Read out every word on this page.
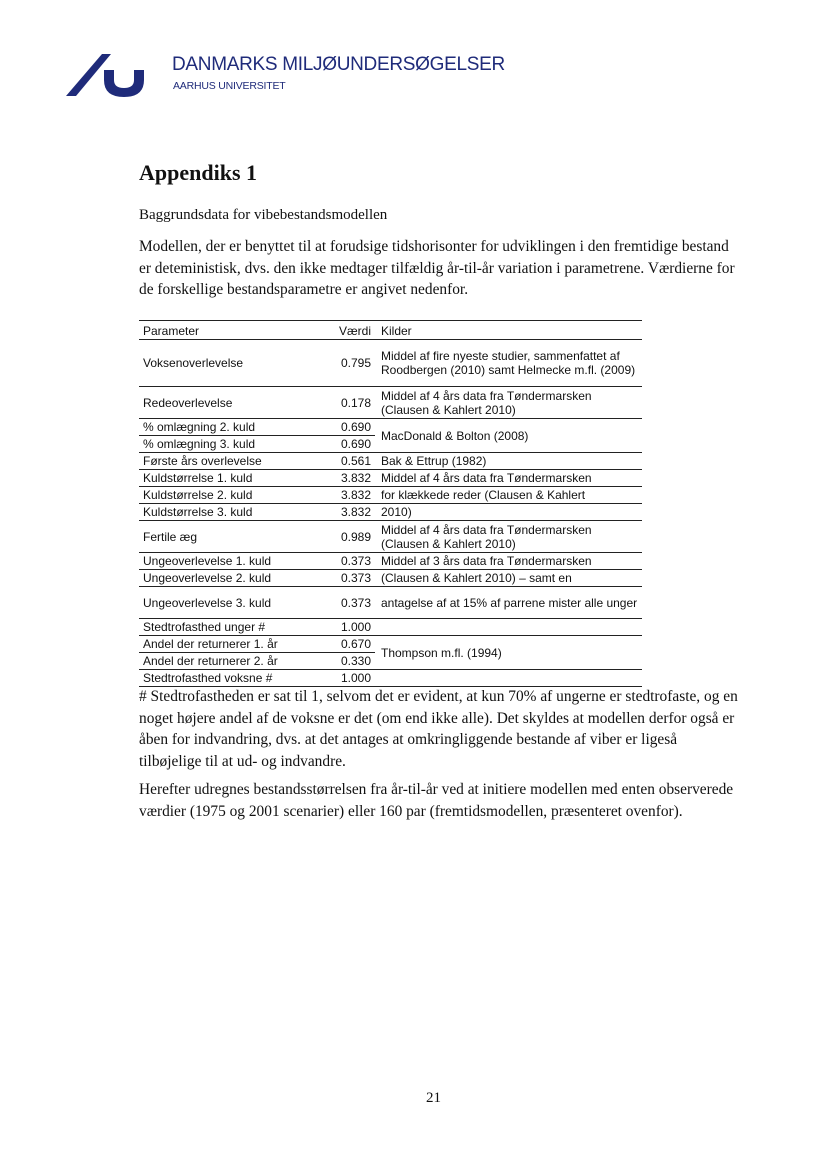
DANMARKS MILJØUNDERSØGELSER
AARHUS UNIVERSITET
Appendiks 1
Baggrundsdata for vibebestandsmodellen

Modellen, der er benyttet til at forudsige tidshorisonter for udviklingen i den fremtidige bestand er deteministisk, dvs. den ikke medtager tilfældig år-til-år variation i parametrene. Værdierne for de forskellige bestandsparametre er angivet nedenfor.

Parameter	Værdi	Kilder
Voksenoverlevelse	0.795	Middel af fire nyeste studier, sammenfattet af Roodbergen (2010) samt Helmecke m.fl. (2009)
Redeoverlevelse	0.178	Middel af 4 års data fra Tøndermarsken (Clausen & Kahlert 2010)
% omlægning 2. kuld	0.690	MacDonald & Bolton (2008)
% omlægning 3. kuld	0.690	
Første års overlevelse	0.561	Bak & Ettrup (1982)
Kuldstørrelse 1. kuld	3.832	Middel af 4 års data fra Tøndermarsken
Kuldstørrelse 2. kuld	3.832	for klækkede reder (Clausen & Kahlert
Kuldstørrelse 3. kuld	3.832	2010)
Fertile æg	0.989	Middel af 4 års data fra Tøndermarsken (Clausen & Kahlert 2010)
Ungeoverlevelse 1. kuld	0.373	Middel af 3 års data fra Tøndermarsken
Ungeoverlevelse 2. kuld	0.373	(Clausen & Kahlert 2010) – samt en
Ungeoverlevelse 3. kuld	0.373	antagelse af at 15% af parrene mister alle unger
Stedtrofasthed unger #	1.000	
Andel der returnerer 1. år	0.670	Thompson m.fl. (1994)
Andel der returnerer 2. år	0.330	
Stedtrofasthed voksne #	1.000	

# Stedtrofastheden er sat til 1, selvom det er evident, at kun 70% af ungerne er stedtrofaste, og en noget højere andel af de voksne er det (om end ikke alle). Det skyldes at modellen derfor også er åben for indvandring, dvs. at det antages at omkringliggende bestande af viber er ligeså tilbøjelige til at ud- og indvandre.

Herefter udregnes bestandsstørrelsen fra år-til-år ved at initiere modellen med enten observerede værdier (1975 og 2001 scenarier) eller 160 par (fremtidsmodellen, præsenteret ovenfor).

21
